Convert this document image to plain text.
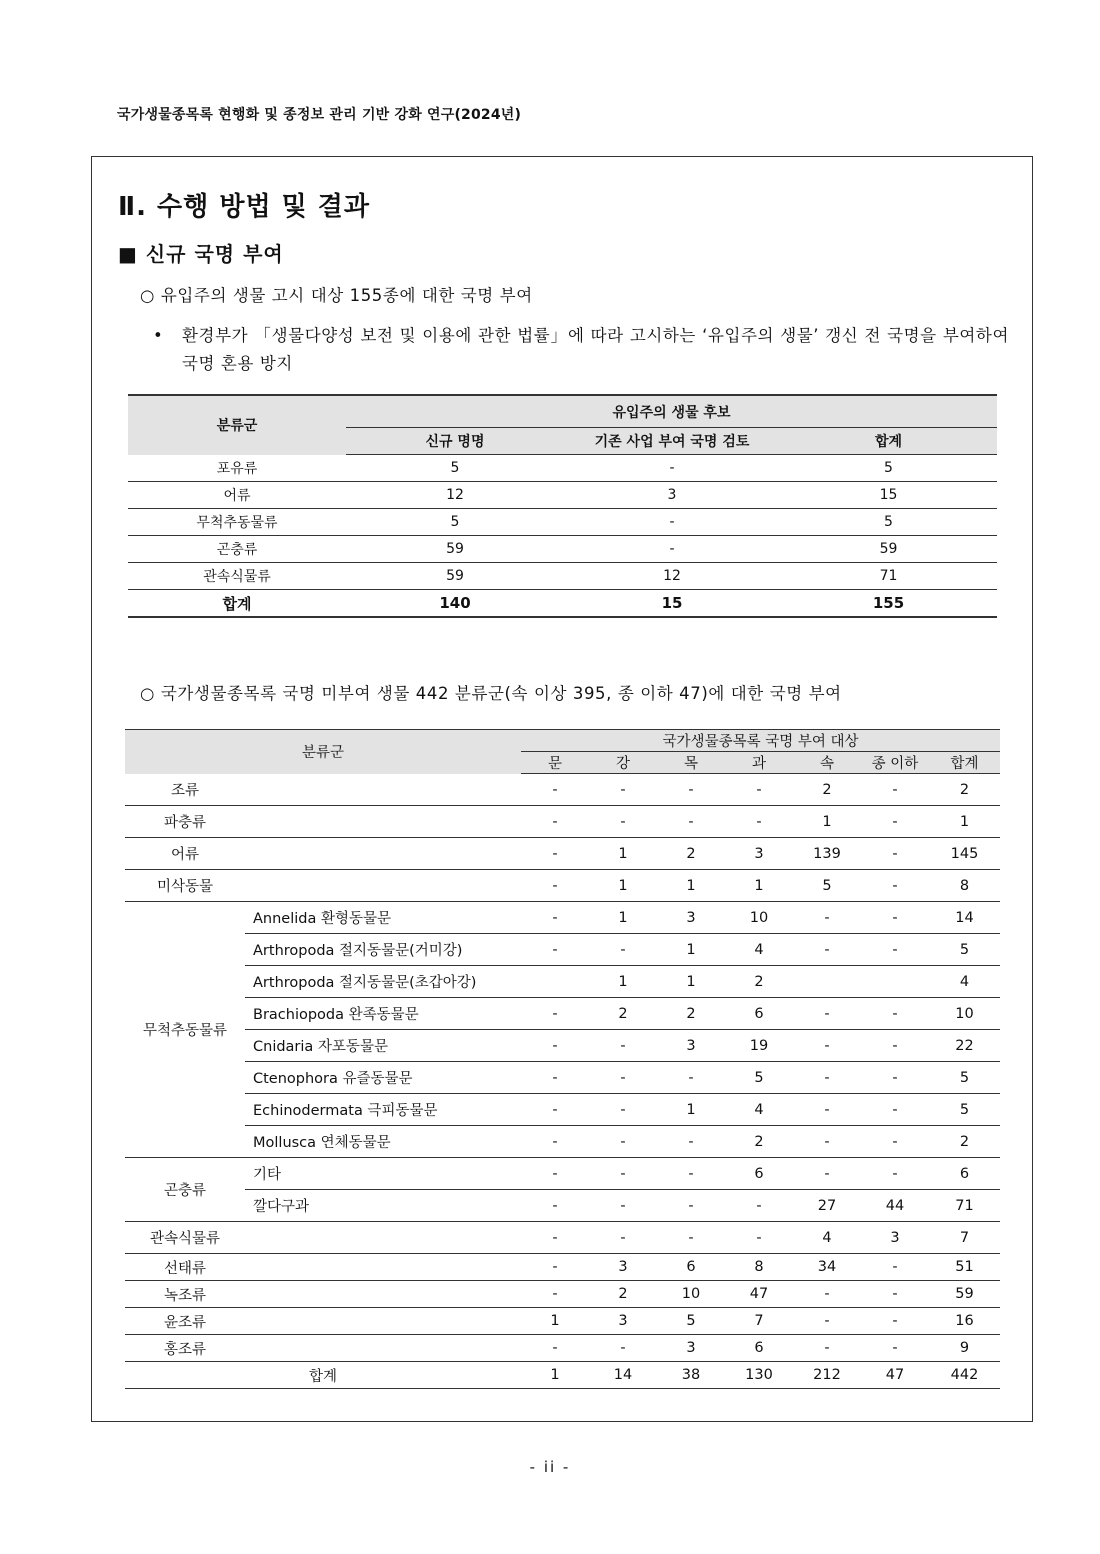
국가생물종목록 현행화 및 종정보 관리 기반 강화 연구(2024년)
Ⅱ. 수행 방법 및 결과
■ 신규 국명 부여
○ 유입주의 생물 고시 대상 155종에 대한 국명 부여
•	환경부가 「생물다양성 보전 및 이용에 관한 법률」에 따라 고시하는 ‘유입주의 생물’ 갱신 전 국명을 부여하여 국명 혼용 방지
분류군	유입주의 생물 후보		
	신규 명명	기존 사업 부여 국명 검토	합계
포유류	5	-	5
어류	12	3	15
무척추동물류	5	-	5
곤충류	59	-	59
관속식물류	59	12	71
합계	140	15	155
○ 국가생물종목록 국명 미부여 생물 442 분류군(속 이상 395, 종 이하 47)에 대한 국명 부여
분류군		국가생물종목록 국명 부여 대상						
		문	강	목	과	속	종 이하	합계
조류		-	-	-	-	2	-	2
파충류		-	-	-	-	1	-	1
어류		-	1	2	3	139	-	145
미삭동물		-	1	1	1	5	-	8
무척추동물류	Annelida 환형동물문	-	1	3	10	-	-	14
	Arthropoda 절지동물문(거미강)	-	-	1	4	-	-	5
	Arthropoda 절지동물문(초갑아강)		1	1	2			4
	Brachiopoda 완족동물문	-	2	2	6	-	-	10
	Cnidaria 자포동물문	-	-	3	19	-	-	22
	Ctenophora 유즐동물문	-	-	-	5	-	-	5
	Echinodermata 극피동물문	-	-	1	4	-	-	5
	Mollusca 연체동물문	-	-	-	2	-	-	2
곤충류	기타	-	-	-	6	-	-	6
	깔다구과	-	-	-	-	27	44	71
관속식물류		-	-	-	-	4	3	7
선태류		-	3	6	8	34	-	51
녹조류		-	2	10	47	-	-	59
윤조류		1	3	5	7	-	-	16
홍조류		-	-	3	6	-	-	9
합계		1	14	38	130	212	47	442
- ii -
